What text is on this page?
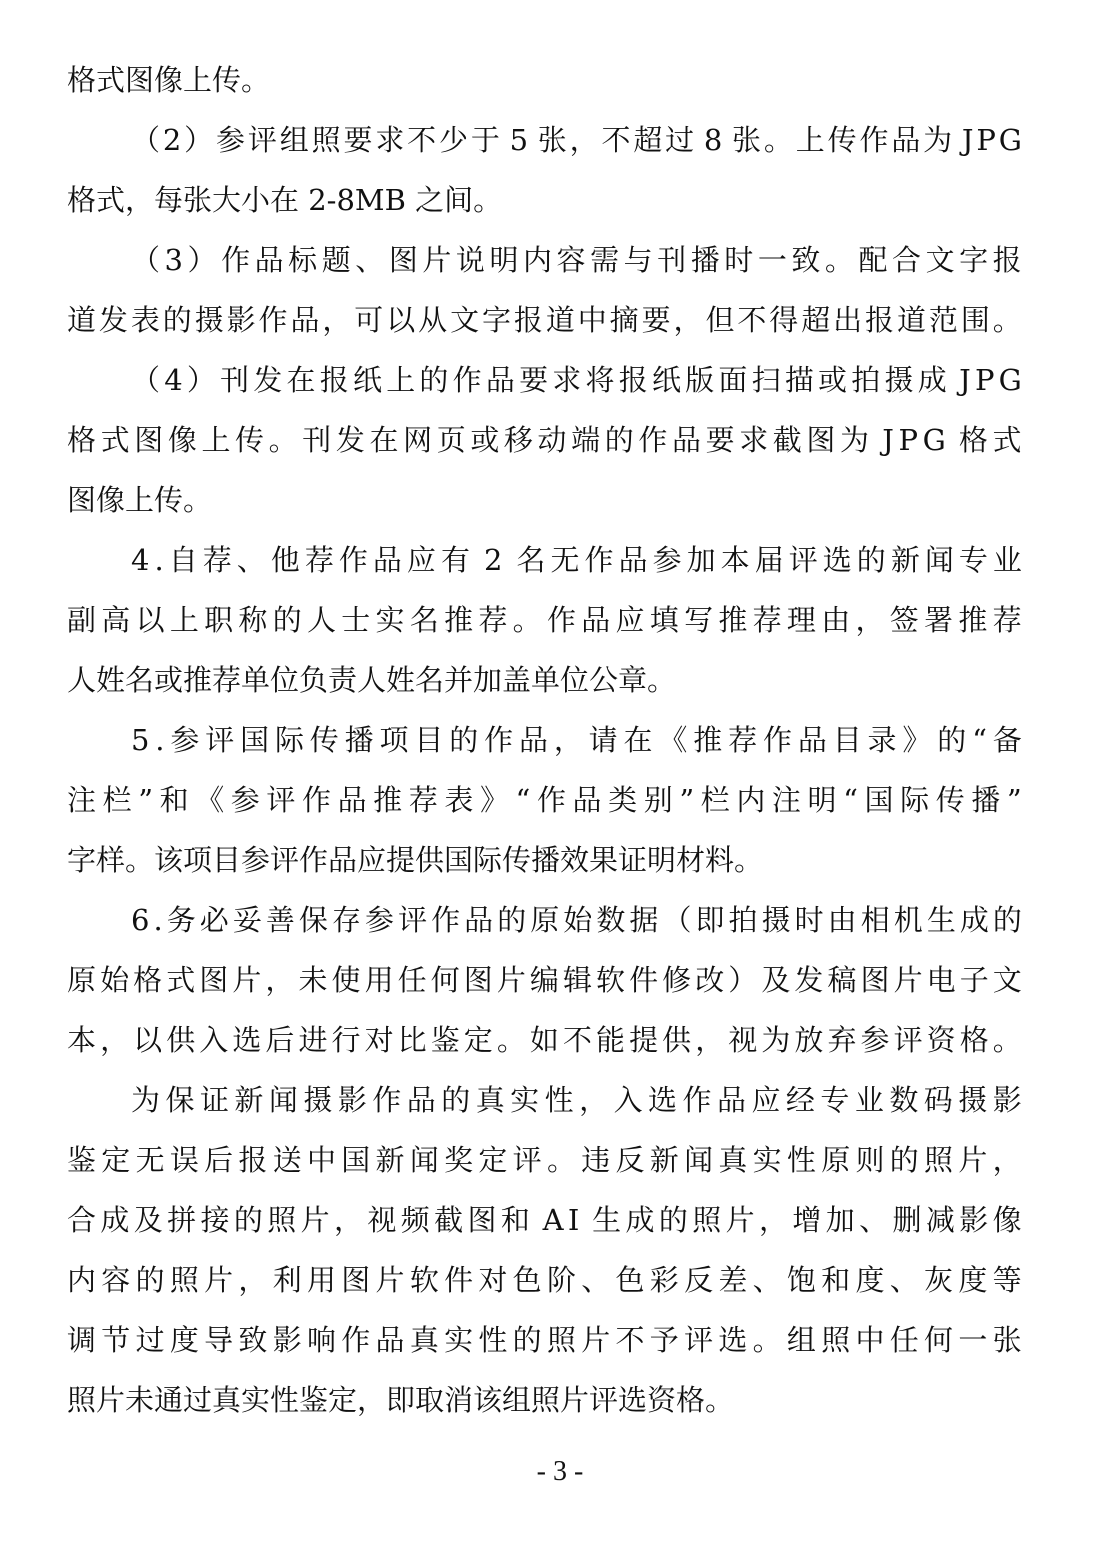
格式图像上传。
（ 2 ） 参 评 组 照 要 求 不 少 于
5
张 ， 不 超 过
8
张 。 上 传 作 品 为
J P G
格式，每张大小在 2-8MB 之间。
（ 3 ） 作 品 标 题 、 图 片 说 明 内 容 需 与 刊 播 时 一 致 。 配 合 文 字 报
道 发 表 的 摄 影 作 品 ， 可 以 从 文 字 报 道 中 摘 要 ， 但 不 得 超 出 报 道 范 围 。
（ 4 ） 刊 发 在 报 纸 上 的 作 品 要 求 将 报 纸 版 面 扫 描 或 拍 摄 成
J P G
格 式 图 像 上 传 。 刊 发 在 网 页 或 移 动 端 的 作 品 要 求 截 图 为
J P G
格 式
图像上传。
4 . 自 荐 、 他 荐 作 品 应 有
2
名 无 作 品 参 加 本 届 评 选 的 新 闻 专 业
副 高 以 上 职 称 的 人 士 实 名 推 荐 。 作 品 应 填 写 推 荐 理 由 ， 签 署 推 荐
人姓名或推荐单位负责人姓名并加盖单位公章。
5 . 参 评 国 际 传 播 项 目 的 作 品 ， 请 在 《 推 荐 作 品 目 录 》 的 “ 备
注 栏 ” 和 《 参 评 作 品 推 荐 表 》 “ 作 品 类 别 ” 栏 内 注 明 “ 国 际 传 播 ”
字样。该项目参评作品应提供国际传播效果证明材料。
6 . 务 必 妥 善 保 存 参 评 作 品 的 原 始 数 据 （ 即 拍 摄 时 由 相 机 生 成 的
原 始 格 式 图 片 ， 未 使 用 任 何 图 片 编 辑 软 件 修 改 ） 及 发 稿 图 片 电 子 文
本 ， 以 供 入 选 后 进 行 对 比 鉴 定 。 如 不 能 提 供 ， 视 为 放 弃 参 评 资 格 。
为 保 证 新 闻 摄 影 作 品 的 真 实 性 ， 入 选 作 品 应 经 专 业 数 码 摄 影
鉴 定 无 误 后 报 送 中 国 新 闻 奖 定 评 。 违 反 新 闻 真 实 性 原 则 的 照 片 ，
合 成 及 拼 接 的 照 片 ， 视 频 截 图 和
A I
生 成 的 照 片 ， 增 加 、 删 减 影 像
内 容 的 照 片 ， 利 用 图 片 软 件 对 色 阶 、 色 彩 反 差 、 饱 和 度 、 灰 度 等
调 节 过 度 导 致 影 响 作 品 真 实 性 的 照 片 不 予 评 选 。 组 照 中 任 何 一 张
照片未通过真实性鉴定，即取消该组照片评选资格。
- 3 -
